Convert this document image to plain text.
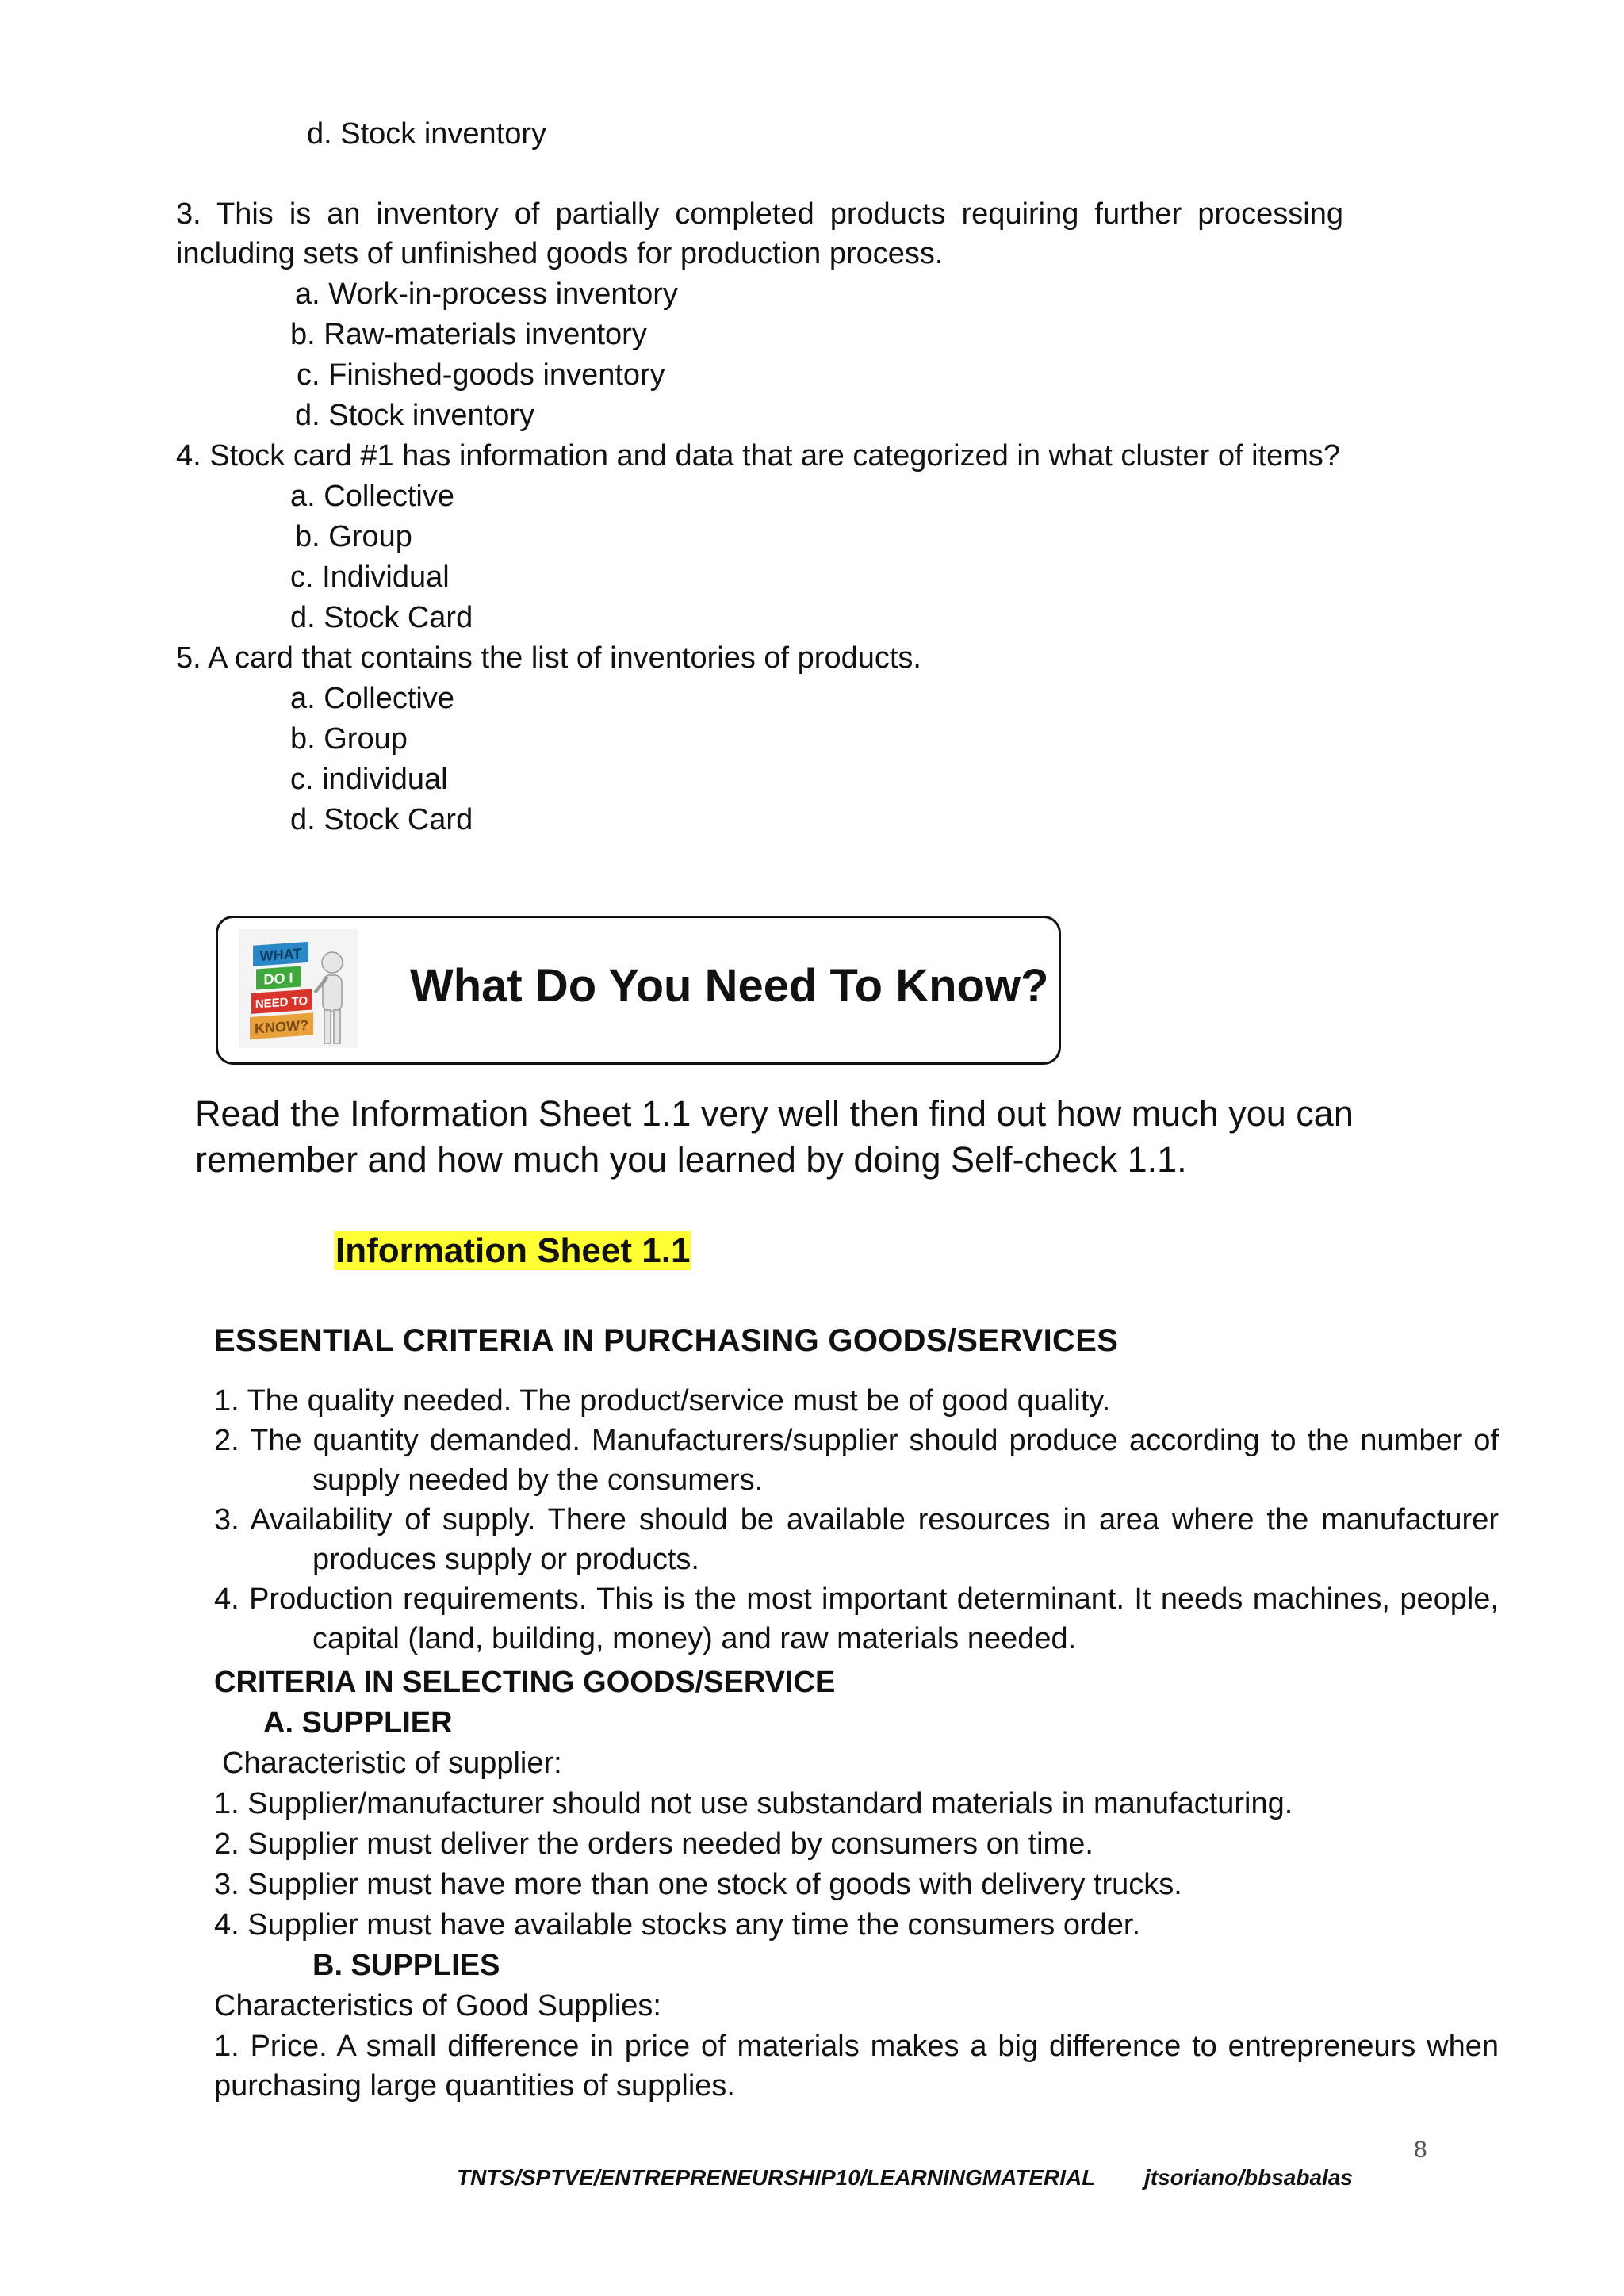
d. Stock inventory

3. This is an inventory of partially completed products requiring further processing

including sets of unfinished goods for production process.

a. Work-in-process inventory
b. Raw-materials inventory
c. Finished-goods inventory
d. Stock inventory
4. Stock card #1 has information and data that are categorized in what cluster of items?
a. Collective
b. Group
c. Individual
d. Stock Card
5. A card that contains the list of inventories of products.
a. Collective
b. Group
c. individual
d. Stock Card
WHAT
DO I
NEED TO
KNOW?
What Do You Need To Know?
Read the Information Sheet 1.1 very well then find out how much you can
remember and how much you learned by doing Self-check 1.1.
Information Sheet 1.1
ESSENTIAL CRITERIA IN PURCHASING GOODS/SERVICES

1. The quality needed. The product/service must be of good quality.

2. The quantity demanded. Manufacturers/supplier should produce according to the number of supply needed by the consumers.

3. Availability of supply. There should be available resources in area where the manufacturer produces supply or products.

4. Production requirements. This is the most important determinant. It needs machines, people, capital (land, building, money) and raw materials needed.

CRITERIA IN SELECTING GOODS/SERVICE
A. SUPPLIER
Characteristic of supplier:
1. Supplier/manufacturer should not use substandard materials in manufacturing.
2. Supplier must deliver the orders needed by consumers on time.
3. Supplier must have more than one stock of goods with delivery trucks.
4. Supplier must have available stocks any time the consumers order.
B. SUPPLIES
Characteristics of Good Supplies:

1. Price. A small difference in price of materials makes a big difference to entrepreneurs when purchasing large quantities of supplies.

8
TNTS/SPTVE/ENTREPRENEURSHIP10/LEARNINGMATERIAL jtsoriano/bbsabalas
